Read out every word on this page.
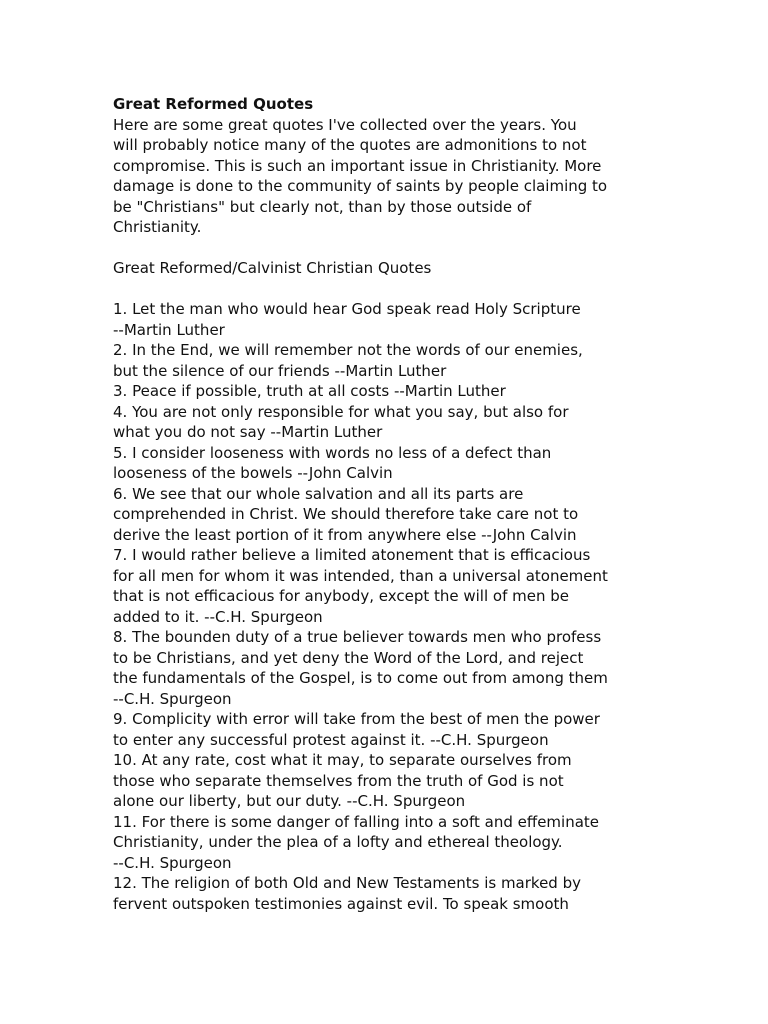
Great Reformed Quotes
Here are some great quotes I've collected over the years. You
will probably notice many of the quotes are admonitions to not
compromise. This is such an important issue in Christianity. More
damage is done to the community of saints by people claiming to
be "Christians" but clearly not, than by those outside of
Christianity.
Great Reformed/Calvinist Christian Quotes
1. Let the man who would hear God speak read Holy Scripture
--Martin Luther
2. In the End, we will remember not the words of our enemies,
but the silence of our friends --Martin Luther
3. Peace if possible, truth at all costs --Martin Luther
4. You are not only responsible for what you say, but also for
what you do not say --Martin Luther
5. I consider looseness with words no less of a defect than
looseness of the bowels --John Calvin
6. We see that our whole salvation and all its parts are
comprehended in Christ. We should therefore take care not to
derive the least portion of it from anywhere else --John Calvin
7. I would rather believe a limited atonement that is efficacious
for all men for whom it was intended, than a universal atonement
that is not efficacious for anybody, except the will of men be
added to it. --C.H. Spurgeon
8. The bounden duty of a true believer towards men who profess
to be Christians, and yet deny the Word of the Lord, and reject
the fundamentals of the Gospel, is to come out from among them
--C.H. Spurgeon
9. Complicity with error will take from the best of men the power
to enter any successful protest against it. --C.H. Spurgeon
10. At any rate, cost what it may, to separate ourselves from
those who separate themselves from the truth of God is not
alone our liberty, but our duty. --C.H. Spurgeon
11. For there is some danger of falling into a soft and effeminate
Christianity, under the plea of a lofty and ethereal theology.
--C.H. Spurgeon
12. The religion of both Old and New Testaments is marked by
fervent outspoken testimonies against evil. To speak smooth
